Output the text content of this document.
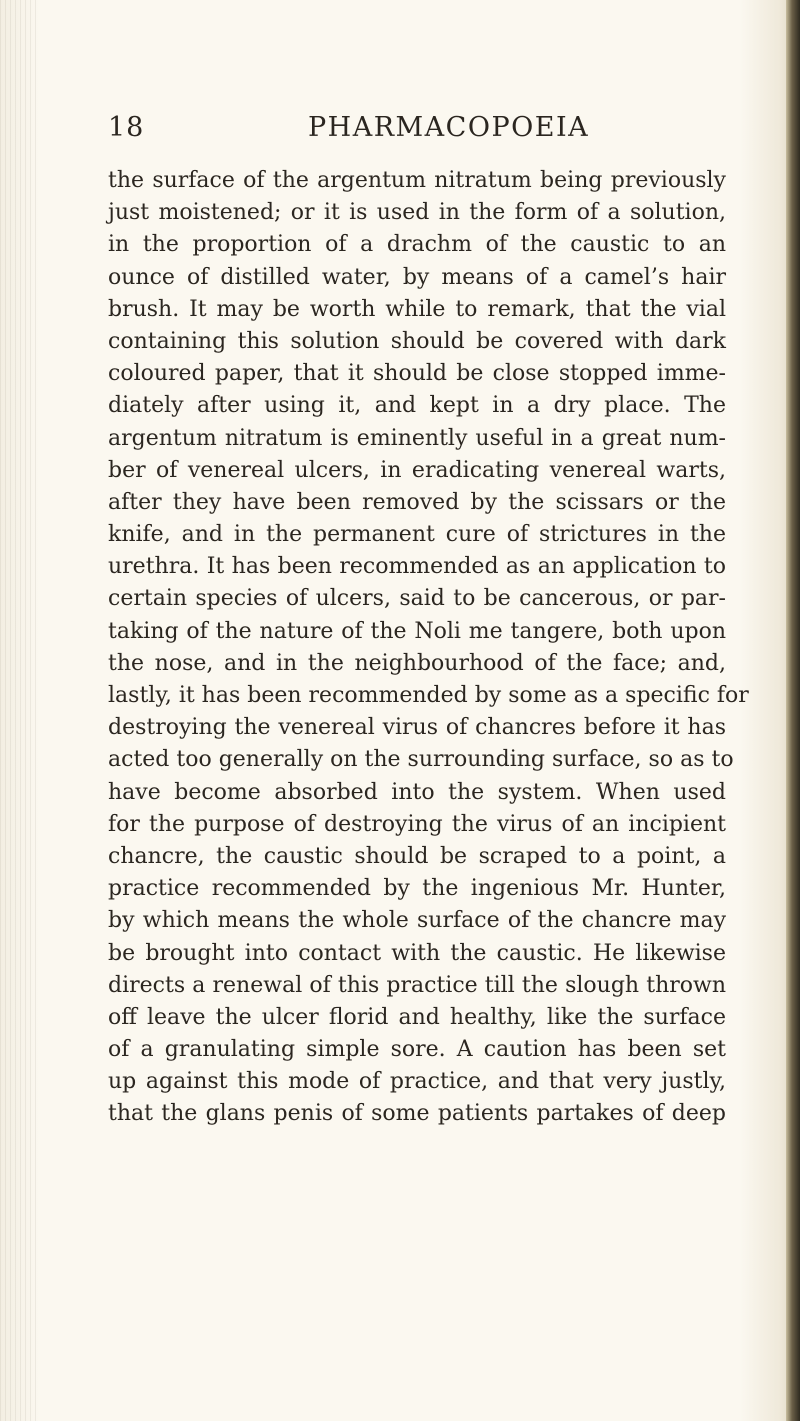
18	PHARMACOPOEIA
the surface of the argentum nitratum being previously
just moistened; or it is used in the form of a solution,
in the proportion of a drachm of the caustic to an
ounce of distilled water, by means of a camel’s hair
brush. It may be worth while to remark, that the vial
containing this solution should be covered with dark
coloured paper, that it should be close stopped imme-
diately after using it, and kept in a dry place. The
argentum nitratum is eminently useful in a great num-
ber of venereal ulcers, in eradicating venereal warts,
after they have been removed by the scissars or the
knife, and in the permanent cure of strictures in the
urethra. It has been recommended as an application to
certain species of ulcers, said to be cancerous, or par-
taking of the nature of the Noli me tangere, both upon
the nose, and in the neighbourhood of the face; and,
lastly, it has been recommended by some as a specific for
destroying the venereal virus of chancres before it has
acted too generally on the surrounding surface, so as to
have become absorbed into the system. When used
for the purpose of destroying the virus of an incipient
chancre, the caustic should be scraped to a point, a
practice recommended by the ingenious Mr. Hunter,
by which means the whole surface of the chancre may
be brought into contact with the caustic. He likewise
directs a renewal of this practice till the slough thrown
off leave the ulcer florid and healthy, like the surface
of a granulating simple sore. A caution has been set
up against this mode of practice, and that very justly,
that the glans penis of some patients partakes of deep
